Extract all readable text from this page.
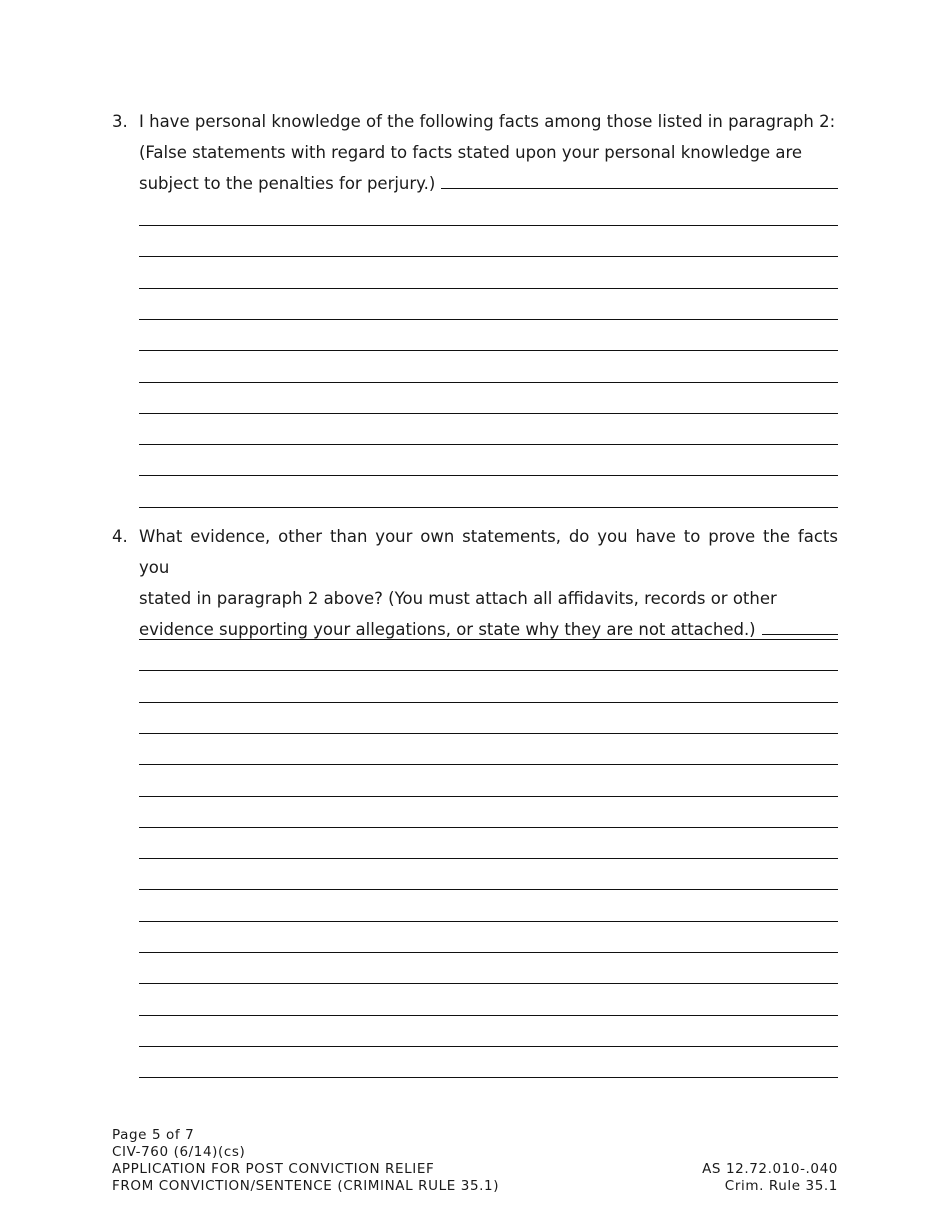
3. I have personal knowledge of the following facts among those listed in paragraph 2:
(False statements with regard to facts stated upon your personal knowledge are
subject to the penalties for perjury.)
4. What evidence, other than your own statements, do you have to prove the facts you
stated in paragraph 2 above? (You must attach all affidavits, records or other
evidence supporting your allegations, or state why they are not attached.)
Page 5 of 7
CIV-760 (6/14)(cs)
APPLICATION FOR POST CONVICTION RELIEF
FROM CONVICTION/SENTENCE (CRIMINAL RULE 35.1)
AS 12.72.010-.040
Crim. Rule 35.1
